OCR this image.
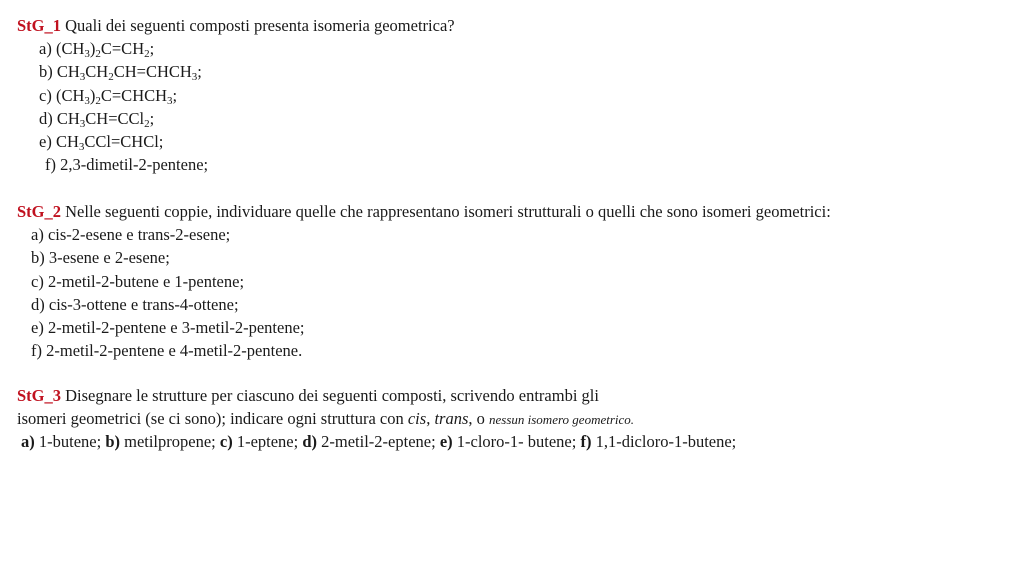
StG_1 Quali dei seguenti composti presenta isomeria geometrica?
a) $(CH_3)_2C=CH_2$;
b) $CH_3CH_2CH=CHCH_3$;
c) $(CH_3)_2C=CHCH_3$;
d) $CH_3CH=CCl_2$;
e) $CH_3CCl=CHCl$;
f) 2,3-dimetil-2-pentene;
StG_2 Nelle seguenti coppie, individuare quelle che rappresentano isomeri strutturali o quelli che sono isomeri geometrici:
a) cis-2-esene e trans-2-esene;
b) 3-esene e 2-esene;
c) 2-metil-2-butene e 1-pentene;
d) cis-3-ottene e trans-4-ottene;
e) 2-metil-2-pentene e 3-metil-2-pentene;
f) 2-metil-2-pentene e 4-metil-2-pentene.
StG_3 Disegnare le strutture per ciascuno dei seguenti composti, scrivendo entrambi gli
isomeri geometrici (se ci sono); indicare ogni struttura con cis, trans, o nessun isomero geometrico.
a) 1-butene; b) metilpropene; c) 1-eptene; d) 2-metil-2-eptene; e) 1-cloro-1- butene; f) 1,1-dicloro-1-butene;
